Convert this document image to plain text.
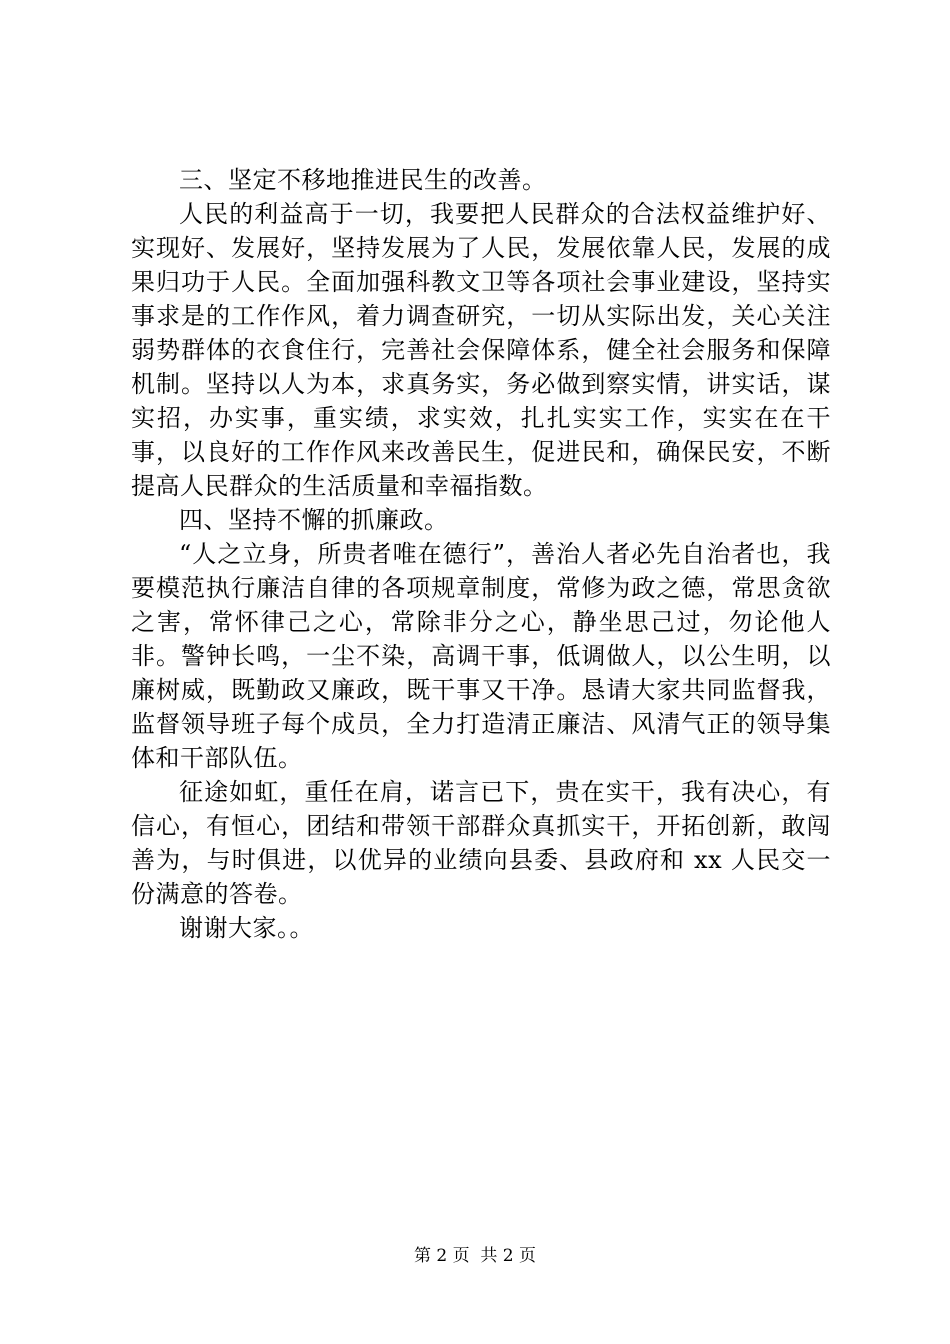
三、坚定不移地推进民生的改善。

人民的利益高于一切，我要把人民群众的合法权益维护好、实现好、发展好，坚持发展为了人民，发展依靠人民，发展的成果归功于人民。全面加强科教文卫等各项社会事业建设，坚持实事求是的工作作风，着力调查研究，一切从实际出发，关心关注弱势群体的衣食住行，完善社会保障体系，健全社会服务和保障机制。坚持以人为本，求真务实，务必做到察实情，讲实话，谋实招，办实事，重实绩，求实效，扎扎实实工作，实实在在干事，以良好的工作作风来改善民生，促进民和，确保民安，不断提高人民群众的生活质量和幸福指数。

四、坚持不懈的抓廉政。

“人之立身，所贵者唯在德行”，善治人者必先自治者也，我要模范执行廉洁自律的各项规章制度，常修为政之德，常思贪欲之害，常怀律己之心，常除非分之心，静坐思己过，勿论他人非。警钟长鸣，一尘不染，高调干事，低调做人，以公生明，以廉树威，既勤政又廉政，既干事又干净。恳请大家共同监督我，监督领导班子每个成员，全力打造清正廉洁、风清气正的领导集体和干部队伍。

征途如虹，重任在肩，诺言已下，贵在实干，我有决心，有信心，有恒心，团结和带领干部群众真抓实干，开拓创新，敢闯善为，与时俱进，以优异的业绩向县委、县政府和 xx 人民交一份满意的答卷。

谢谢大家。。

第 2 页  共 2 页
